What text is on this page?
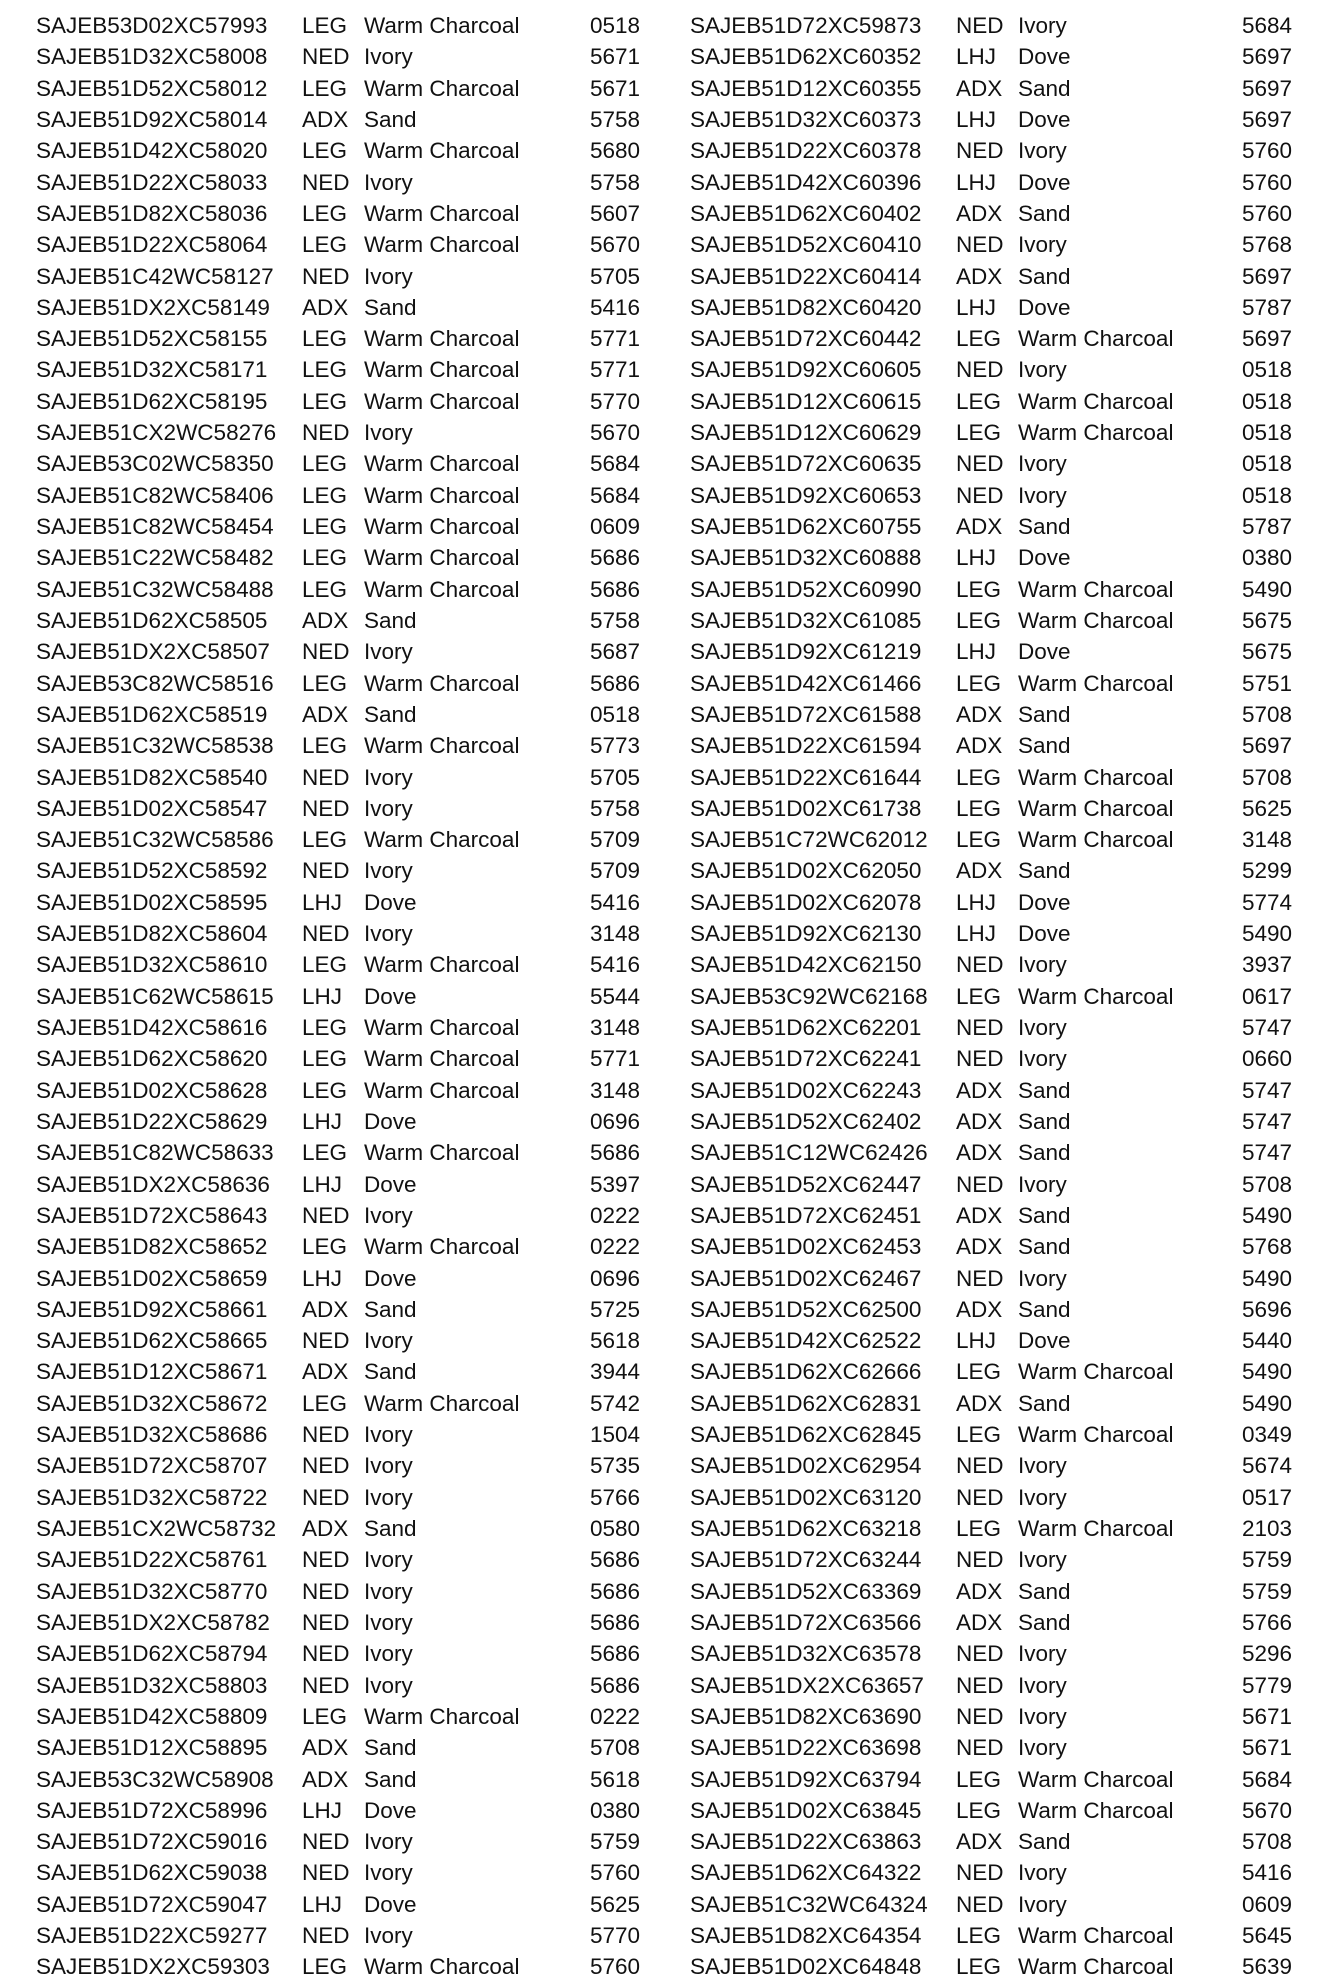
SAJEB53D02XC57993 LEG Warm Charcoal	0518
SAJEB51D32XC58008 NED Ivory	5671
SAJEB51D52XC58012 LEG Warm Charcoal	5671
SAJEB51D92XC58014 ADX Sand	5758
SAJEB51D42XC58020 LEG Warm Charcoal	5680
SAJEB51D22XC58033 NED Ivory	5758
SAJEB51D82XC58036 LEG Warm Charcoal	5607
SAJEB51D22XC58064 LEG Warm Charcoal	5670
SAJEB51C42WC58127 NED Ivory	5705
SAJEB51DX2XC58149 ADX Sand	5416
SAJEB51D52XC58155 LEG Warm Charcoal	5771
SAJEB51D32XC58171 LEG Warm Charcoal	5771
SAJEB51D62XC58195 LEG Warm Charcoal	5770
SAJEB51CX2WC58276 NED Ivory	5670
SAJEB53C02WC58350 LEG Warm Charcoal	5684
SAJEB51C82WC58406 LEG Warm Charcoal	5684
SAJEB51C82WC58454 LEG Warm Charcoal	0609
SAJEB51C22WC58482 LEG Warm Charcoal	5686
SAJEB51C32WC58488 LEG Warm Charcoal	5686
SAJEB51D62XC58505 ADX Sand	5758
SAJEB51DX2XC58507 NED Ivory	5687
SAJEB53C82WC58516 LEG Warm Charcoal	5686
SAJEB51D62XC58519 ADX Sand	0518
SAJEB51C32WC58538 LEG Warm Charcoal	5773
SAJEB51D82XC58540 NED Ivory	5705
SAJEB51D02XC58547 NED Ivory	5758
SAJEB51C32WC58586 LEG Warm Charcoal	5709
SAJEB51D52XC58592 NED Ivory	5709
SAJEB51D02XC58595 LHJ Dove	5416
SAJEB51D82XC58604 NED Ivory	3148
SAJEB51D32XC58610 LEG Warm Charcoal	5416
SAJEB51C62WC58615 LHJ Dove	5544
SAJEB51D42XC58616 LEG Warm Charcoal	3148
SAJEB51D62XC58620 LEG Warm Charcoal	5771
SAJEB51D02XC58628 LEG Warm Charcoal	3148
SAJEB51D22XC58629 LHJ Dove	0696
SAJEB51C82WC58633 LEG Warm Charcoal	5686
SAJEB51DX2XC58636 LHJ Dove	5397
SAJEB51D72XC58643 NED Ivory	0222
SAJEB51D82XC58652 LEG Warm Charcoal	0222
SAJEB51D02XC58659 LHJ Dove	0696
SAJEB51D92XC58661 ADX Sand	5725
SAJEB51D62XC58665 NED Ivory	5618
SAJEB51D12XC58671 ADX Sand	3944
SAJEB51D32XC58672 LEG Warm Charcoal	5742
SAJEB51D32XC58686 NED Ivory	1504
SAJEB51D72XC58707 NED Ivory	5735
SAJEB51D32XC58722 NED Ivory	5766
SAJEB51CX2WC58732 ADX Sand	0580
SAJEB51D22XC58761 NED Ivory	5686
SAJEB51D32XC58770 NED Ivory	5686
SAJEB51DX2XC58782 NED Ivory	5686
SAJEB51D62XC58794 NED Ivory	5686
SAJEB51D32XC58803 NED Ivory	5686
SAJEB51D42XC58809 LEG Warm Charcoal	0222
SAJEB51D12XC58895 ADX Sand	5708
SAJEB53C32WC58908 ADX Sand	5618
SAJEB51D72XC58996 LHJ Dove	0380
SAJEB51D72XC59016 NED Ivory	5759
SAJEB51D62XC59038 NED Ivory	5760
SAJEB51D72XC59047 LHJ Dove	5625
SAJEB51D22XC59277 NED Ivory	5770
SAJEB51DX2XC59303 LEG Warm Charcoal	5760
SAJEB51D72XC59873 NED Ivory	5684
SAJEB51D62XC60352 LHJ Dove	5697
SAJEB51D12XC60355 ADX Sand	5697
SAJEB51D32XC60373 LHJ Dove	5697
SAJEB51D22XC60378 NED Ivory	5760
SAJEB51D42XC60396 LHJ Dove	5760
SAJEB51D62XC60402 ADX Sand	5760
SAJEB51D52XC60410 NED Ivory	5768
SAJEB51D22XC60414 ADX Sand	5697
SAJEB51D82XC60420 LHJ Dove	5787
SAJEB51D72XC60442 LEG Warm Charcoal	5697
SAJEB51D92XC60605 NED Ivory	0518
SAJEB51D12XC60615 LEG Warm Charcoal	0518
SAJEB51D12XC60629 LEG Warm Charcoal	0518
SAJEB51D72XC60635 NED Ivory	0518
SAJEB51D92XC60653 NED Ivory	0518
SAJEB51D62XC60755 ADX Sand	5787
SAJEB51D32XC60888 LHJ Dove	0380
SAJEB51D52XC60990 LEG Warm Charcoal	5490
SAJEB51D32XC61085 LEG Warm Charcoal	5675
SAJEB51D92XC61219 LHJ Dove	5675
SAJEB51D42XC61466 LEG Warm Charcoal	5751
SAJEB51D72XC61588 ADX Sand	5708
SAJEB51D22XC61594 ADX Sand	5697
SAJEB51D22XC61644 LEG Warm Charcoal	5708
SAJEB51D02XC61738 LEG Warm Charcoal	5625
SAJEB51C72WC62012 LEG Warm Charcoal	3148
SAJEB51D02XC62050 ADX Sand	5299
SAJEB51D02XC62078 LHJ Dove	5774
SAJEB51D92XC62130 LHJ Dove	5490
SAJEB51D42XC62150 NED Ivory	3937
SAJEB53C92WC62168 LEG Warm Charcoal	0617
SAJEB51D62XC62201 NED Ivory	5747
SAJEB51D72XC62241 NED Ivory	0660
SAJEB51D02XC62243 ADX Sand	5747
SAJEB51D52XC62402 ADX Sand	5747
SAJEB51C12WC62426 ADX Sand	5747
SAJEB51D52XC62447 NED Ivory	5708
SAJEB51D72XC62451 ADX Sand	5490
SAJEB51D02XC62453 ADX Sand	5768
SAJEB51D02XC62467 NED Ivory	5490
SAJEB51D52XC62500 ADX Sand	5696
SAJEB51D42XC62522 LHJ Dove	5440
SAJEB51D62XC62666 LEG Warm Charcoal	5490
SAJEB51D62XC62831 ADX Sand	5490
SAJEB51D62XC62845 LEG Warm Charcoal	0349
SAJEB51D02XC62954 NED Ivory	5674
SAJEB51D02XC63120 NED Ivory	0517
SAJEB51D62XC63218 LEG Warm Charcoal	2103
SAJEB51D72XC63244 NED Ivory	5759
SAJEB51D52XC63369 ADX Sand	5759
SAJEB51D72XC63566 ADX Sand	5766
SAJEB51D32XC63578 NED Ivory	5296
SAJEB51DX2XC63657 NED Ivory	5779
SAJEB51D82XC63690 NED Ivory	5671
SAJEB51D22XC63698 NED Ivory	5671
SAJEB51D92XC63794 LEG Warm Charcoal	5684
SAJEB51D02XC63845 LEG Warm Charcoal	5670
SAJEB51D22XC63863 ADX Sand	5708
SAJEB51D62XC64322 NED Ivory	5416
SAJEB51C32WC64324 NED Ivory	0609
SAJEB51D82XC64354 LEG Warm Charcoal	5645
SAJEB51D02XC64848 LEG Warm Charcoal	5639
